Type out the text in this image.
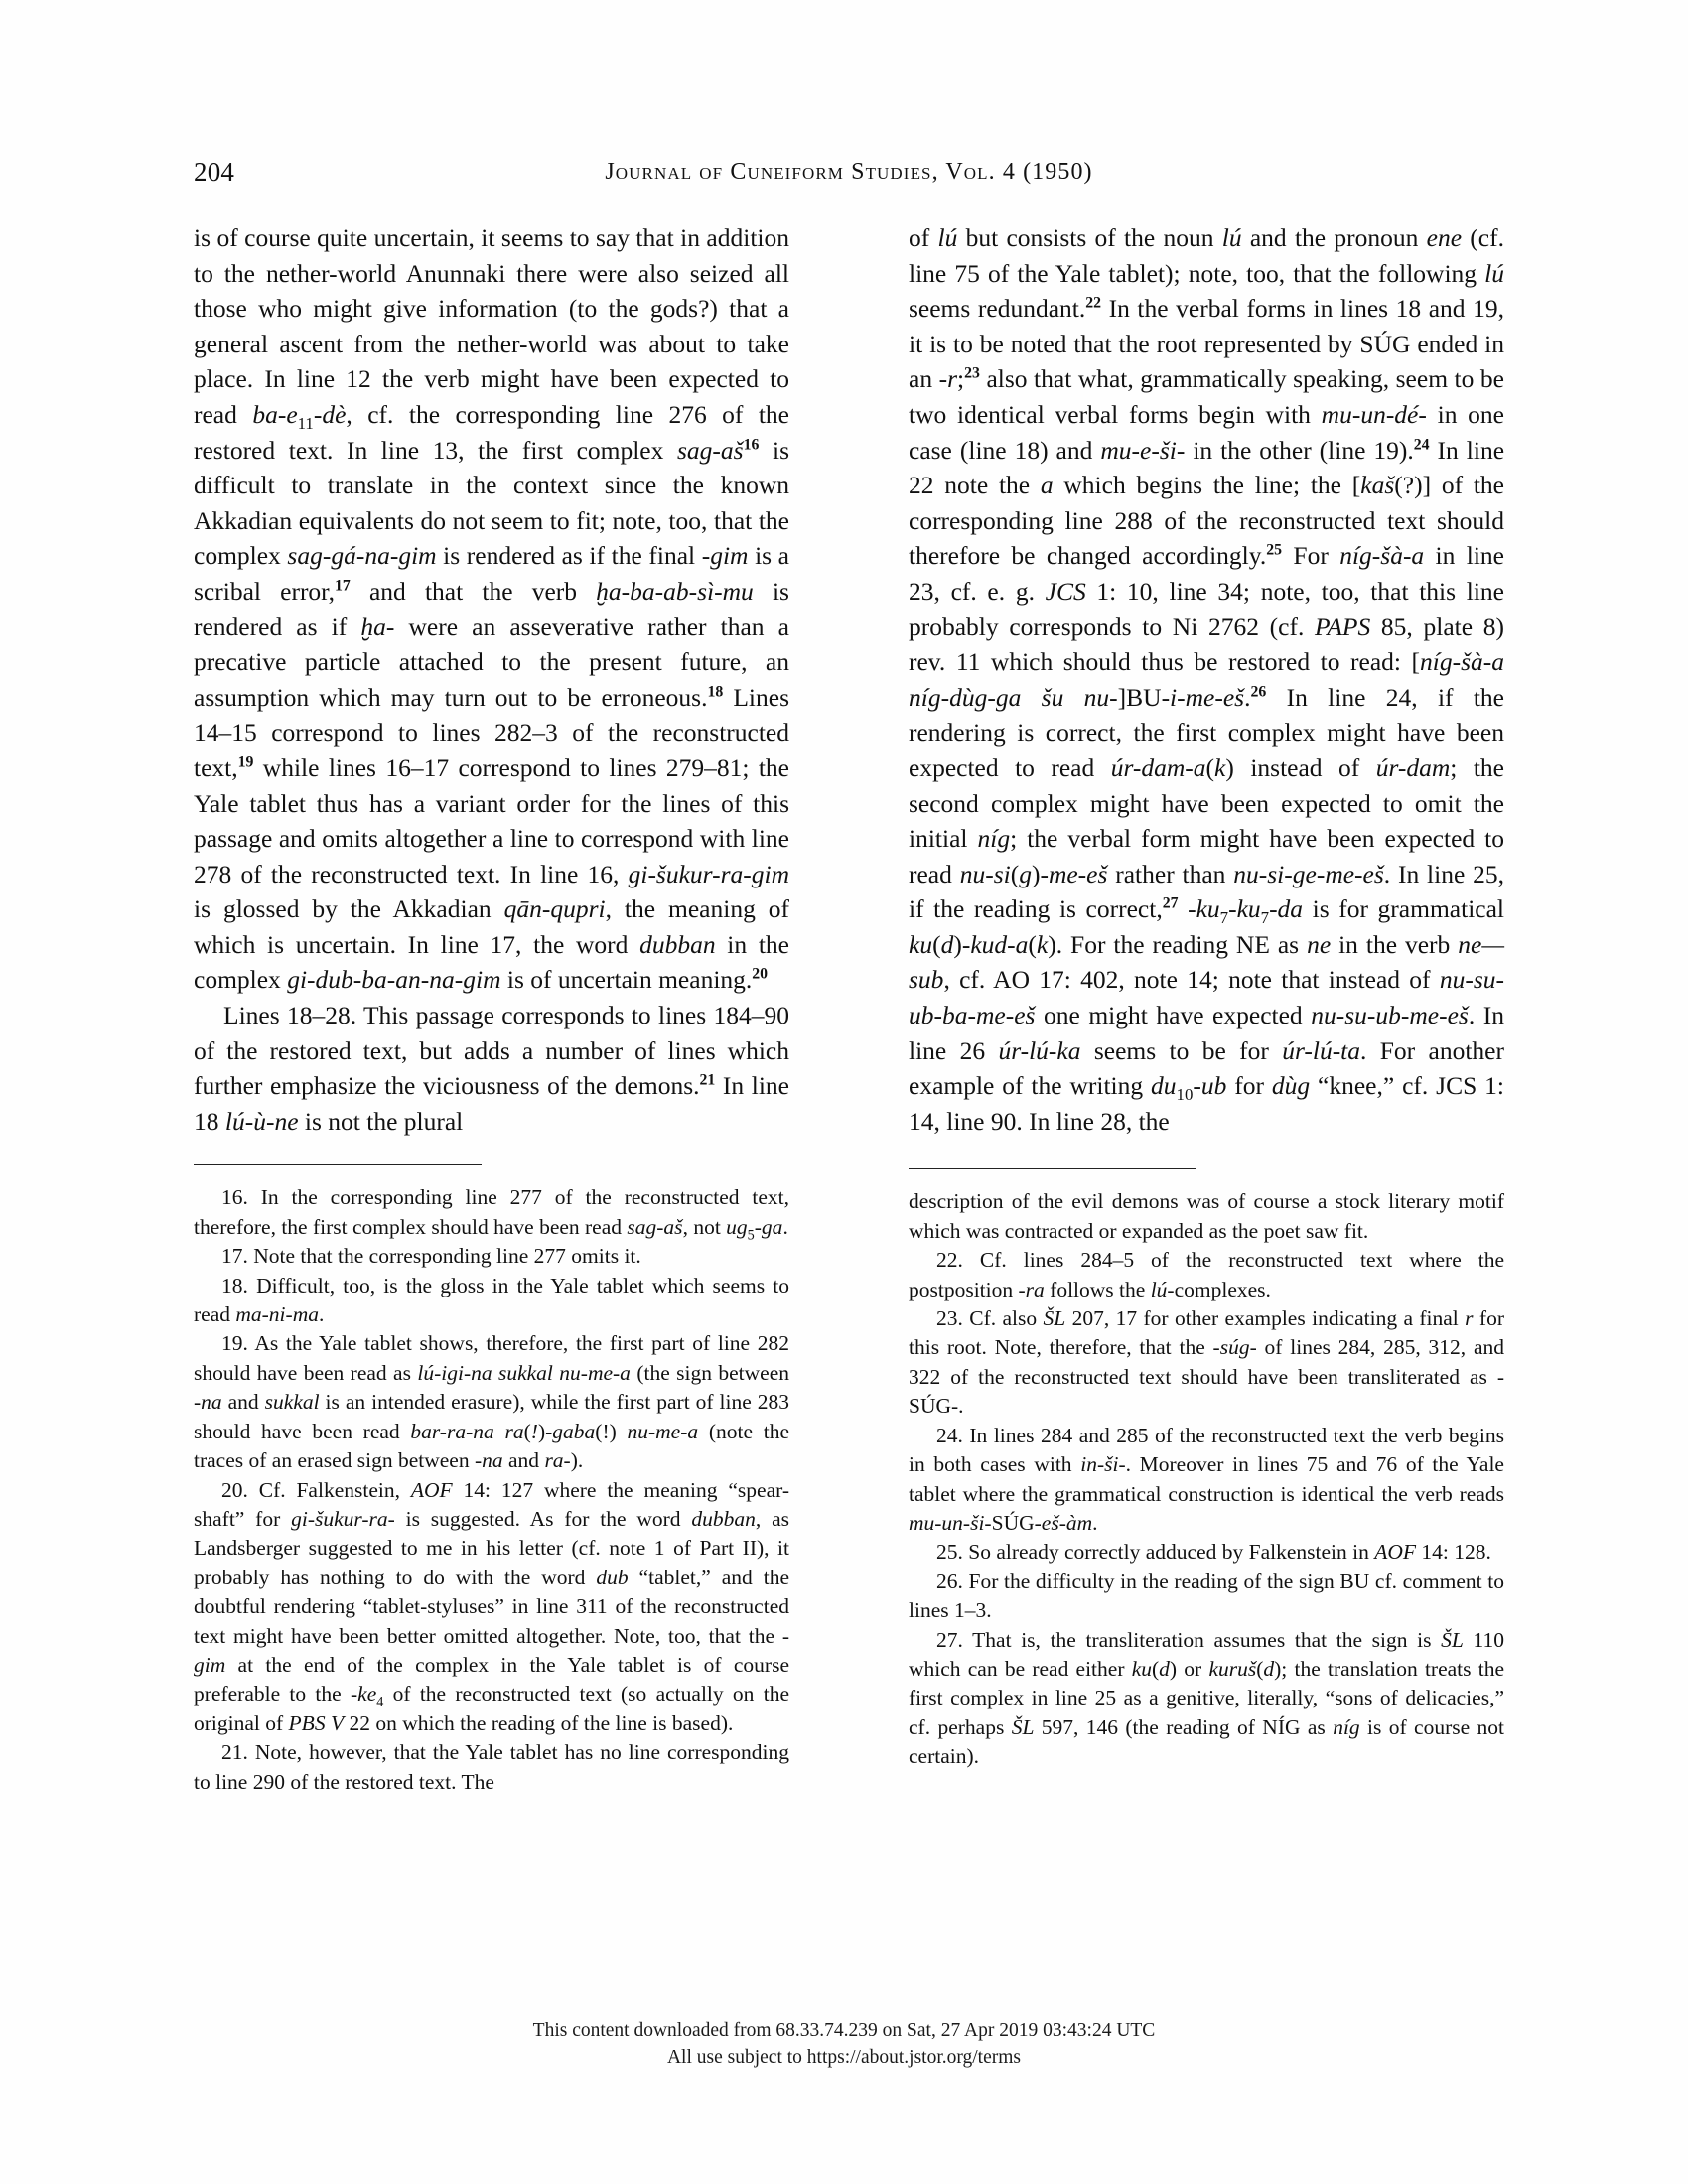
204	Journal of Cuneiform Studies, Vol. 4 (1950)

is of course quite uncertain, it seems to say that in addition to the nether-world Anunnaki there were also seized all those who might give information (to the gods?) that a general ascent from the nether-world was about to take place. In line 12 the verb might have been expected to read $ba-e_{11}-dè$, cf. the corresponding line 276 of the restored text. In line 13, the first complex sag-$aš^{16}$ is difficult to translate in the context since the known Akkadian equivalents do not seem to fit; note, too, that the complex sag-gá-na-gim is rendered as if the final -gim is a scribal error,$^{17}$ and that the verb ḫa-ba-ab-sì-mu is rendered as if ḫa- were an asseverative rather than a precative particle attached to the present future, an assumption which may turn out to be erroneous.$^{18}$ Lines 14–15 correspond to lines 282–3 of the reconstructed text,$^{19}$ while lines 16–17 correspond to lines 279–81; the Yale tablet thus has a variant order for the lines of this passage and omits altogether a line to correspond with line 278 of the reconstructed text. In line 16, gi-šukur-ra-gim is glossed by the Akkadian qān-qupri, the meaning of which is uncertain. In line 17, the word dubban in the complex gi-dub-ba-an-na-gim is of uncertain meaning.$^{20}$

Lines 18–28. This passage corresponds to lines 184–90 of the restored text, but adds a number of lines which further emphasize the viciousness of the demons.$^{21}$ In line 18 lú-ù-ne is not the plural

16. In the corresponding line 277 of the reconstructed text, therefore, the first complex should have been read sag-aš, not $ug_5-ga$.

17. Note that the corresponding line 277 omits it.

18. Difficult, too, is the gloss in the Yale tablet which seems to read ma-ni-ma.

19. As the Yale tablet shows, therefore, the first part of line 282 should have been read as lú-igi-na sukkal nu-me-a (the sign between -na and sukkal is an intended erasure), while the first part of line 283 should have been read bar-ra-na ra(!)-gaba(!) nu-me-a (note the traces of an erased sign between -na and ra-).

20. Cf. Falkenstein, AOF 14: 127 where the meaning “spear-shaft” for gi-šukur-ra- is suggested. As for the word dubban, as Landsberger suggested to me in his letter (cf. note 1 of Part II), it probably has nothing to do with the word dub “tablet,” and the doubtful rendering “tablet-styluses” in line 311 of the reconstructed text might have been better omitted altogether. Note, too, that the -gim at the end of the complex in the Yale tablet is of course preferable to the $-ke_4$ of the reconstructed text (so actually on the original of PBS V 22 on which the reading of the line is based).

21. Note, however, that the Yale tablet has no line corresponding to line 290 of the restored text. The

of lú but consists of the noun lú and the pronoun ene (cf. line 75 of the Yale tablet); note, too, that the following lú seems redundant.$^{22}$ In the verbal forms in lines 18 and 19, it is to be noted that the root represented by SÚG ended in an -r;$^{23}$ also that what, grammatically speaking, seem to be two identical verbal forms begin with mu-un-dé- in one case (line 18) and mu-e-ši- in the other (line 19).$^{24}$ In line 22 note the a which begins the line; the [kaš(?)] of the corresponding line 288 of the reconstructed text should therefore be changed accordingly.$^{25}$ For níg-šà-a in line 23, cf. e. g. JCS 1: 10, line 34; note, too, that this line probably corresponds to Ni 2762 (cf. PAPS 85, plate 8) rev. 11 which should thus be restored to read: [níg-šà-a níg-dùg-ga šu nu-]BU-i-me-eš.$^{26}$ In line 24, if the rendering is correct, the first complex might have been expected to read úr-dam-a(k) instead of úr-dam; the second complex might have been expected to omit the initial níg; the verbal form might have been expected to read nu-si(g)-me-eš rather than nu-si-ge-me-eš. In line 25, if the reading is correct,$^{27}$ $-ku_7-ku_7-da$ is for grammatical ku(d)-kud-a(k). For the reading NE as ne in the verb ne—sub, cf. AO 17: 402, note 14; note that instead of nu-su-ub-ba-me-eš one might have expected nu-su-ub-me-eš. In line 26 úr-lú-ka seems to be for úr-lú-ta. For another example of the writing $du_{10}-ub$ for dùg “knee,” cf. JCS 1: 14, line 90. In line 28, the

description of the evil demons was of course a stock literary motif which was contracted or expanded as the poet saw fit.

22. Cf. lines 284–5 of the reconstructed text where the postposition -ra follows the lú-complexes.

23. Cf. also ŠL 207, 17 for other examples indicating a final r for this root. Note, therefore, that the -súg- of lines 284, 285, 312, and 322 of the reconstructed text should have been transliterated as -SÚG-.

24. In lines 284 and 285 of the reconstructed text the verb begins in both cases with in-ši-. Moreover in lines 75 and 76 of the Yale tablet where the grammatical construction is identical the verb reads mu-un-ši-SÚG-eš-àm.

25. So already correctly adduced by Falkenstein in AOF 14: 128.

26. For the difficulty in the reading of the sign BU cf. comment to lines 1–3.

27. That is, the transliteration assumes that the sign is ŠL 110 which can be read either ku(d) or kuruš(d); the translation treats the first complex in line 25 as a genitive, literally, “sons of delicacies,” cf. perhaps ŠL 597, 146 (the reading of NÍG as níg is of course not certain).

This content downloaded from 68.33.74.239 on Sat, 27 Apr 2019 03:43:24 UTC
All use subject to https://about.jstor.org/terms
